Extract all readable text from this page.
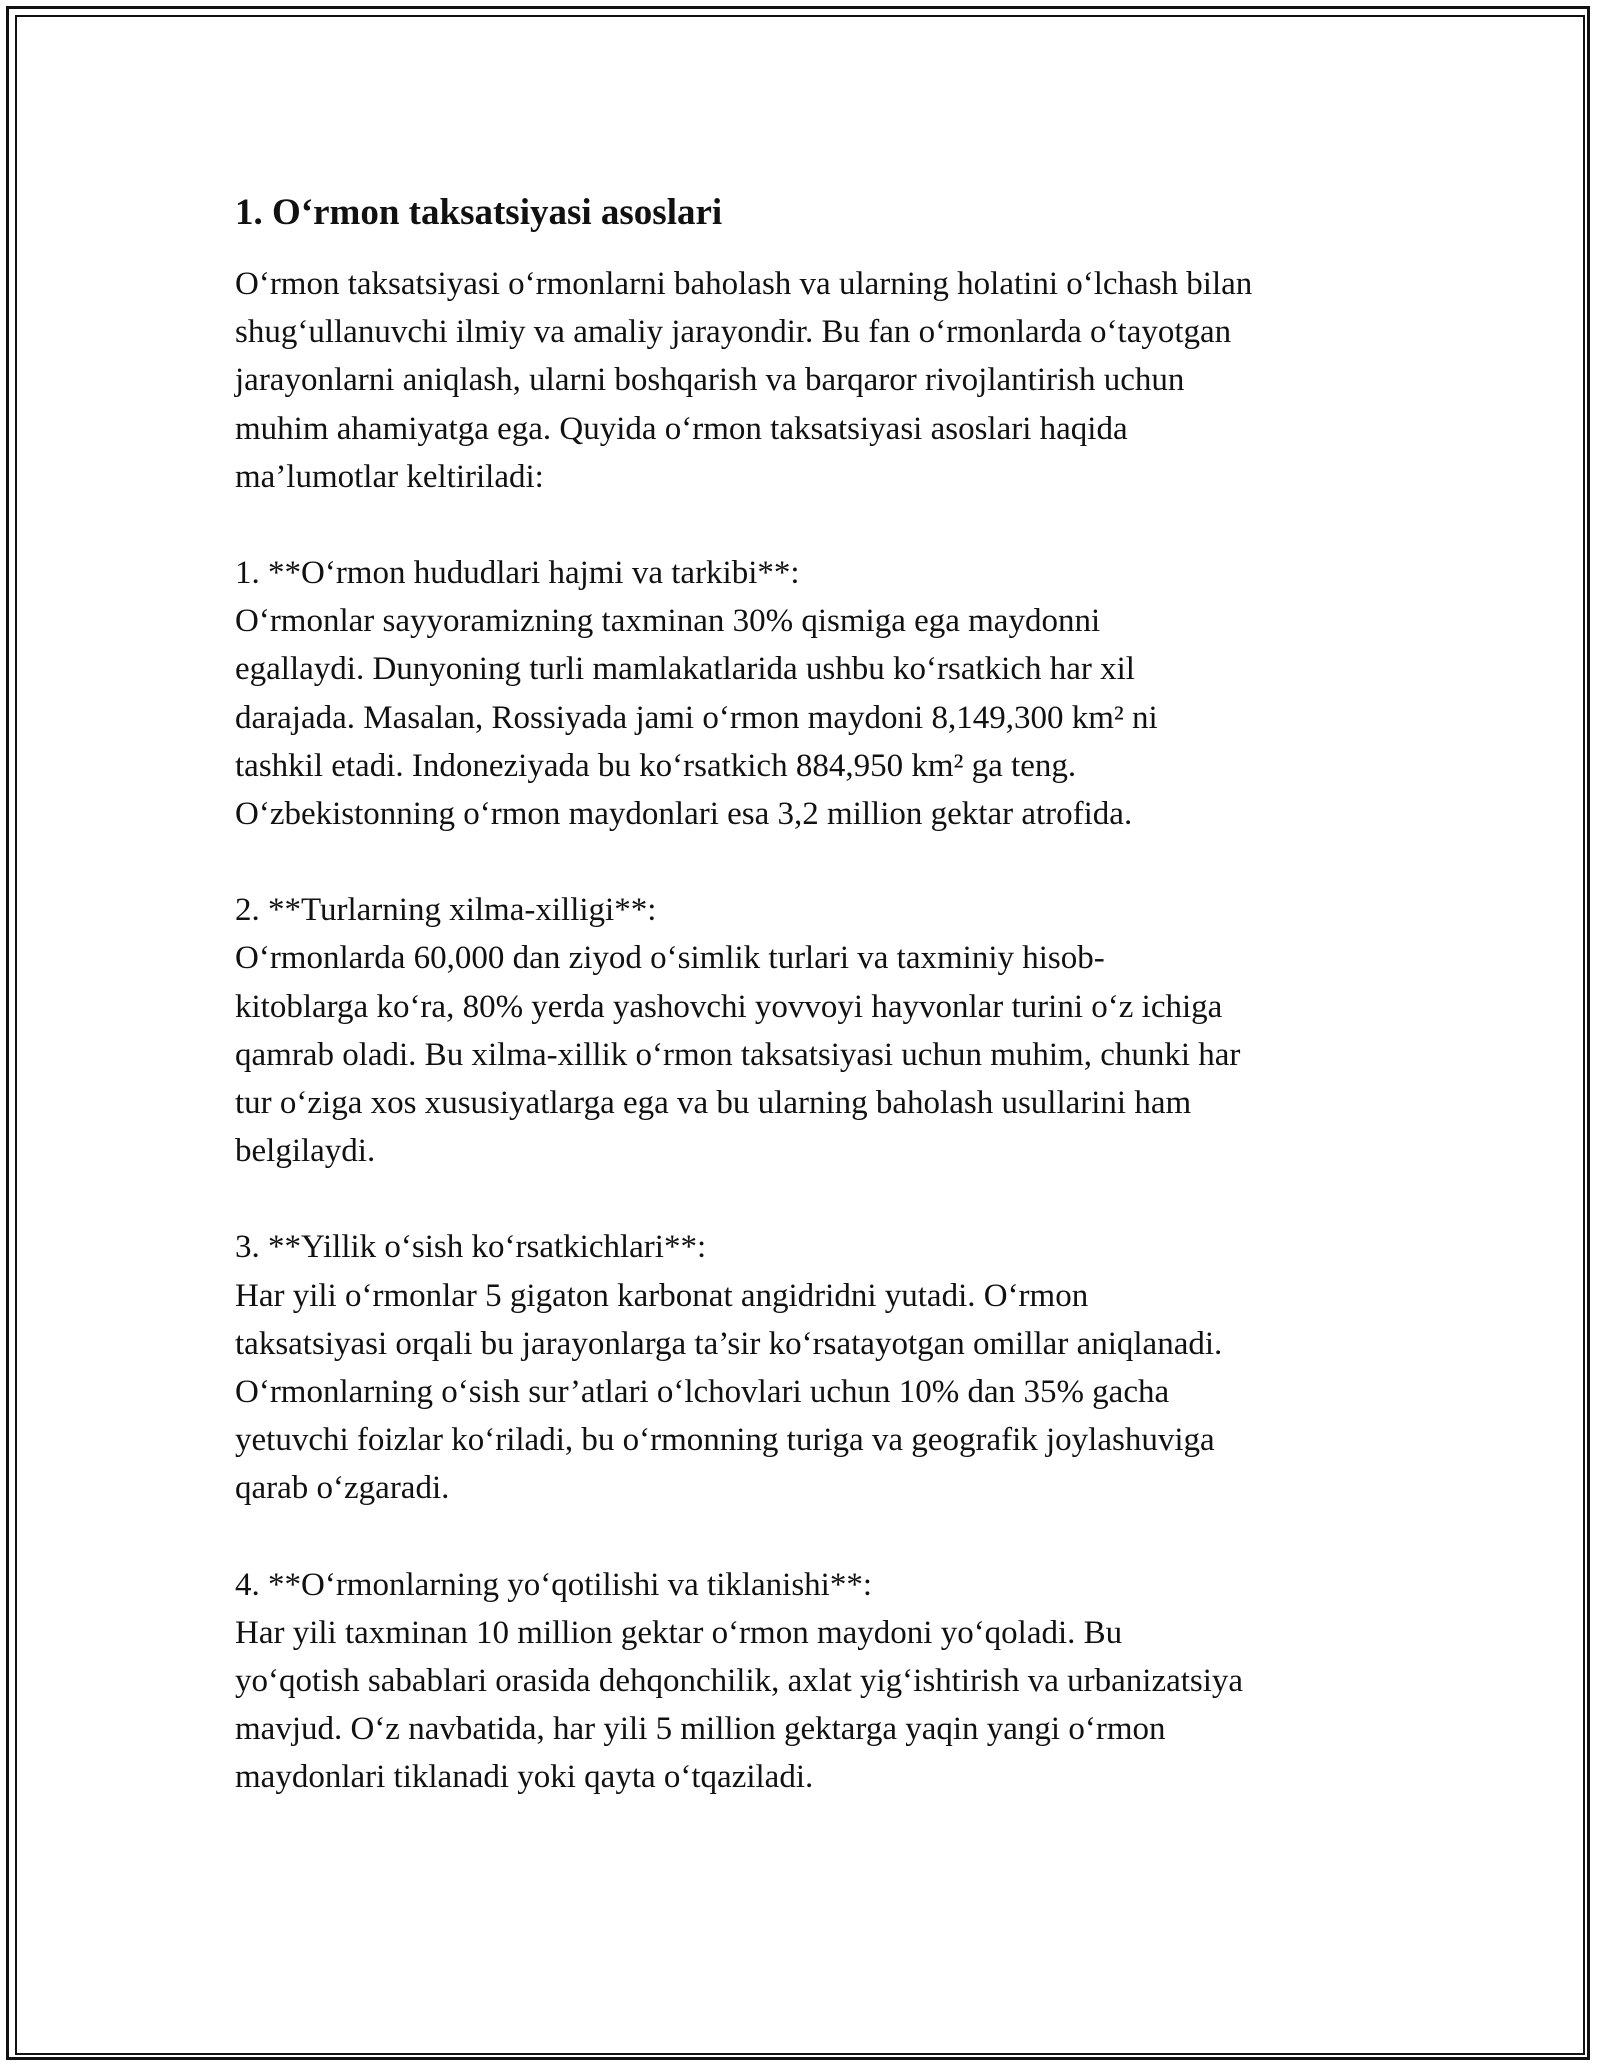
1. O‘rmon taksatsiyasi asoslari

O‘rmon taksatsiyasi o‘rmonlarni baholash va ularning holatini o‘lchash bilan
shug‘ullanuvchi ilmiy va amaliy jarayondir. Bu fan o‘rmonlarda o‘tayotgan
jarayonlarni aniqlash, ularni boshqarish va barqaror rivojlantirish uchun
muhim ahamiyatga ega. Quyida o‘rmon taksatsiyasi asoslari haqida
ma’lumotlar keltiriladi:

1. **O‘rmon hududlari hajmi va tarkibi**:
O‘rmonlar sayyoramizning taxminan 30% qismiga ega maydonni
egallaydi. Dunyoning turli mamlakatlarida ushbu ko‘rsatkich har xil
darajada. Masalan, Rossiyada jami o‘rmon maydoni 8,149,300 km² ni
tashkil etadi. Indoneziyada bu ko‘rsatkich 884,950 km² ga teng.
O‘zbekistonning o‘rmon maydonlari esa 3,2 million gektar atrofida.
2. **Turlarning xilma-xilligi**:
O‘rmonlarda 60,000 dan ziyod o‘simlik turlari va taxminiy hisob-
kitoblarga ko‘ra, 80% yerda yashovchi yovvoyi hayvonlar turini o‘z ichiga
qamrab oladi. Bu xilma-xillik o‘rmon taksatsiyasi uchun muhim, chunki har
tur o‘ziga xos xususiyatlarga ega va bu ularning baholash usullarini ham
belgilaydi.
3. **Yillik o‘sish ko‘rsatkichlari**:
Har yili o‘rmonlar 5 gigaton karbonat angidridni yutadi. O‘rmon
taksatsiyasi orqali bu jarayonlarga ta’sir ko‘rsatayotgan omillar aniqlanadi.
O‘rmonlarning o‘sish sur’atlari o‘lchovlari uchun 10% dan 35% gacha
yetuvchi foizlar ko‘riladi, bu o‘rmonning turiga va geografik joylashuviga
qarab o‘zgaradi.
4. **O‘rmonlarning yo‘qotilishi va tiklanishi**:
Har yili taxminan 10 million gektar o‘rmon maydoni yo‘qoladi. Bu
yo‘qotish sabablari orasida dehqonchilik, axlat yig‘ishtirish va urbanizatsiya
mavjud. O‘z navbatida, har yili 5 million gektarga yaqin yangi o‘rmon
maydonlari tiklanadi yoki qayta o‘tqaziladi.
